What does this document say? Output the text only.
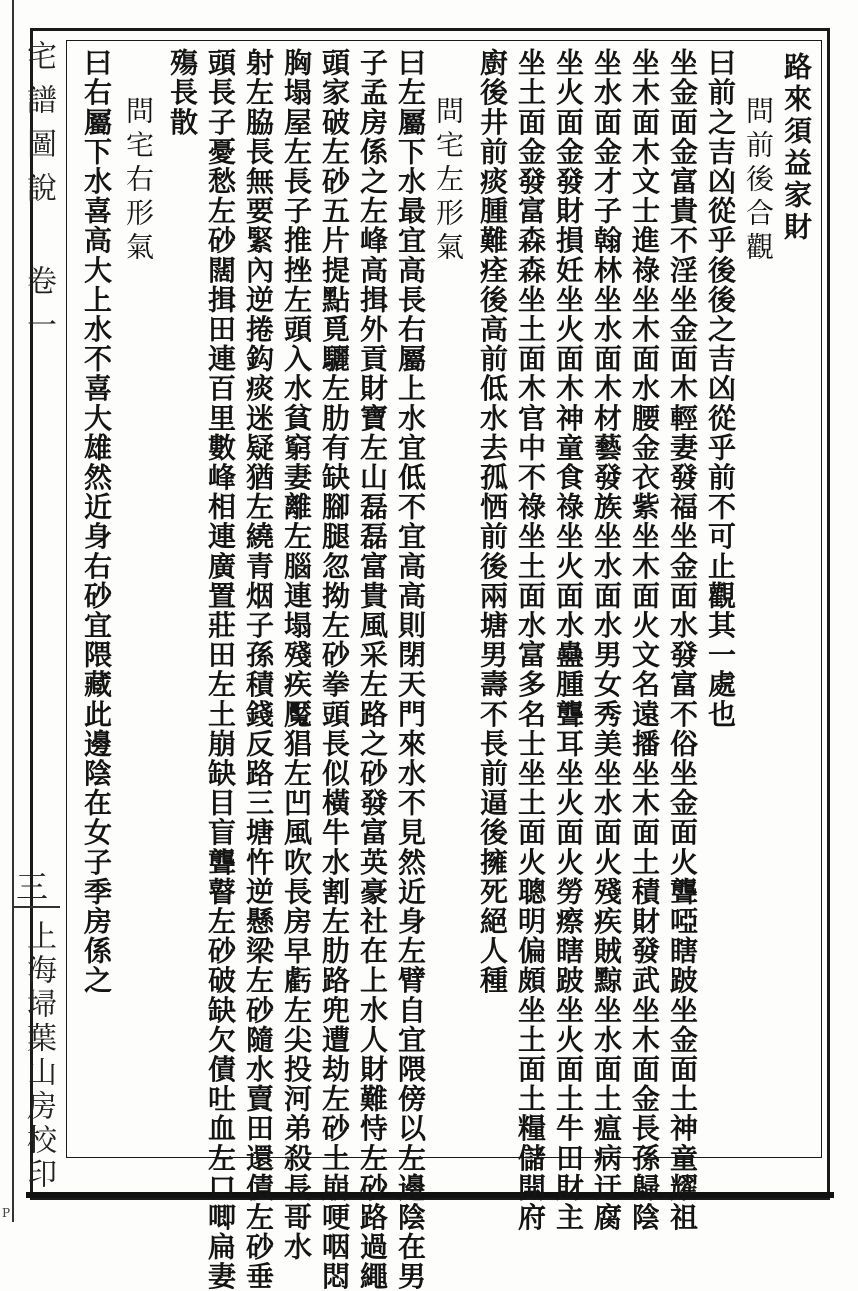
宅譜圖說 卷一
三
上海埽葉山房校印
路來須益家財
問前後合觀
曰前之吉凶從乎後後之吉凶從乎前不可止觀其一處也
坐金面金富貴不淫坐金面木輕妻發福坐金面水發富不俗坐金面火聾啞瞎跛坐金面土神童耀祖
坐木面木文士進祿坐木面水腰金衣紫坐木面火文名遠播坐木面土積財發武坐木面金長孫歸陰
坐水面金才子翰林坐水面木材藝發族坐水面水男女秀美坐水面火殘疾賊黥坐水面土瘟病迂腐
坐火面金發財損妊坐火面木神童食祿坐火面水蠱腫聾耳坐火面火勞瘵瞎跛坐火面土牛田財主
坐土面金發富森森坐土面木官中不祿坐土面水富多名士坐土面火聰明偏頗坐土面土糧儲開府
廚後井前痰腫難痊後高前低水去孤恓前後兩塘男壽不長前逼後擁死絕人種
問宅左形氣
曰左屬下水最宜高長右屬上水宜低不宜高高則閉天門來水不見然近身左臂自宜隈傍以左邊陰在男
子孟房係之左峰高揖外貢財寶左山磊磊富貴風采左路之砂發富英豪社在上水人財難恃左砂路過繩
頭家破左砂五片提點覓驪左肋有缺腳腿忽拗左砂拳頭長似橫牛水割左肋路兜遭劫左砂土崩哽咽悶
胸塌屋左長子推挫左頭入水貧窮妻離左腦連塌殘疾魘猖左凹風吹長房早虧左尖投河弟殺長哥水
射左脇長無要緊內逆捲鈎痰迷疑猶左繞青烟子孫積錢反路三塘忤逆懸梁左砂隨水賣田還債左砂垂
頭長子憂愁左砂闊揖田連百里數峰相連廣置莊田左土崩缺目盲聾瞽左砂破缺欠債吐血左口唧扁妻
殤長散
問宅右形氣
曰右屬下水喜高大上水不喜大雄然近身右砂宜隈藏此邊陰在女子季房係之
P
